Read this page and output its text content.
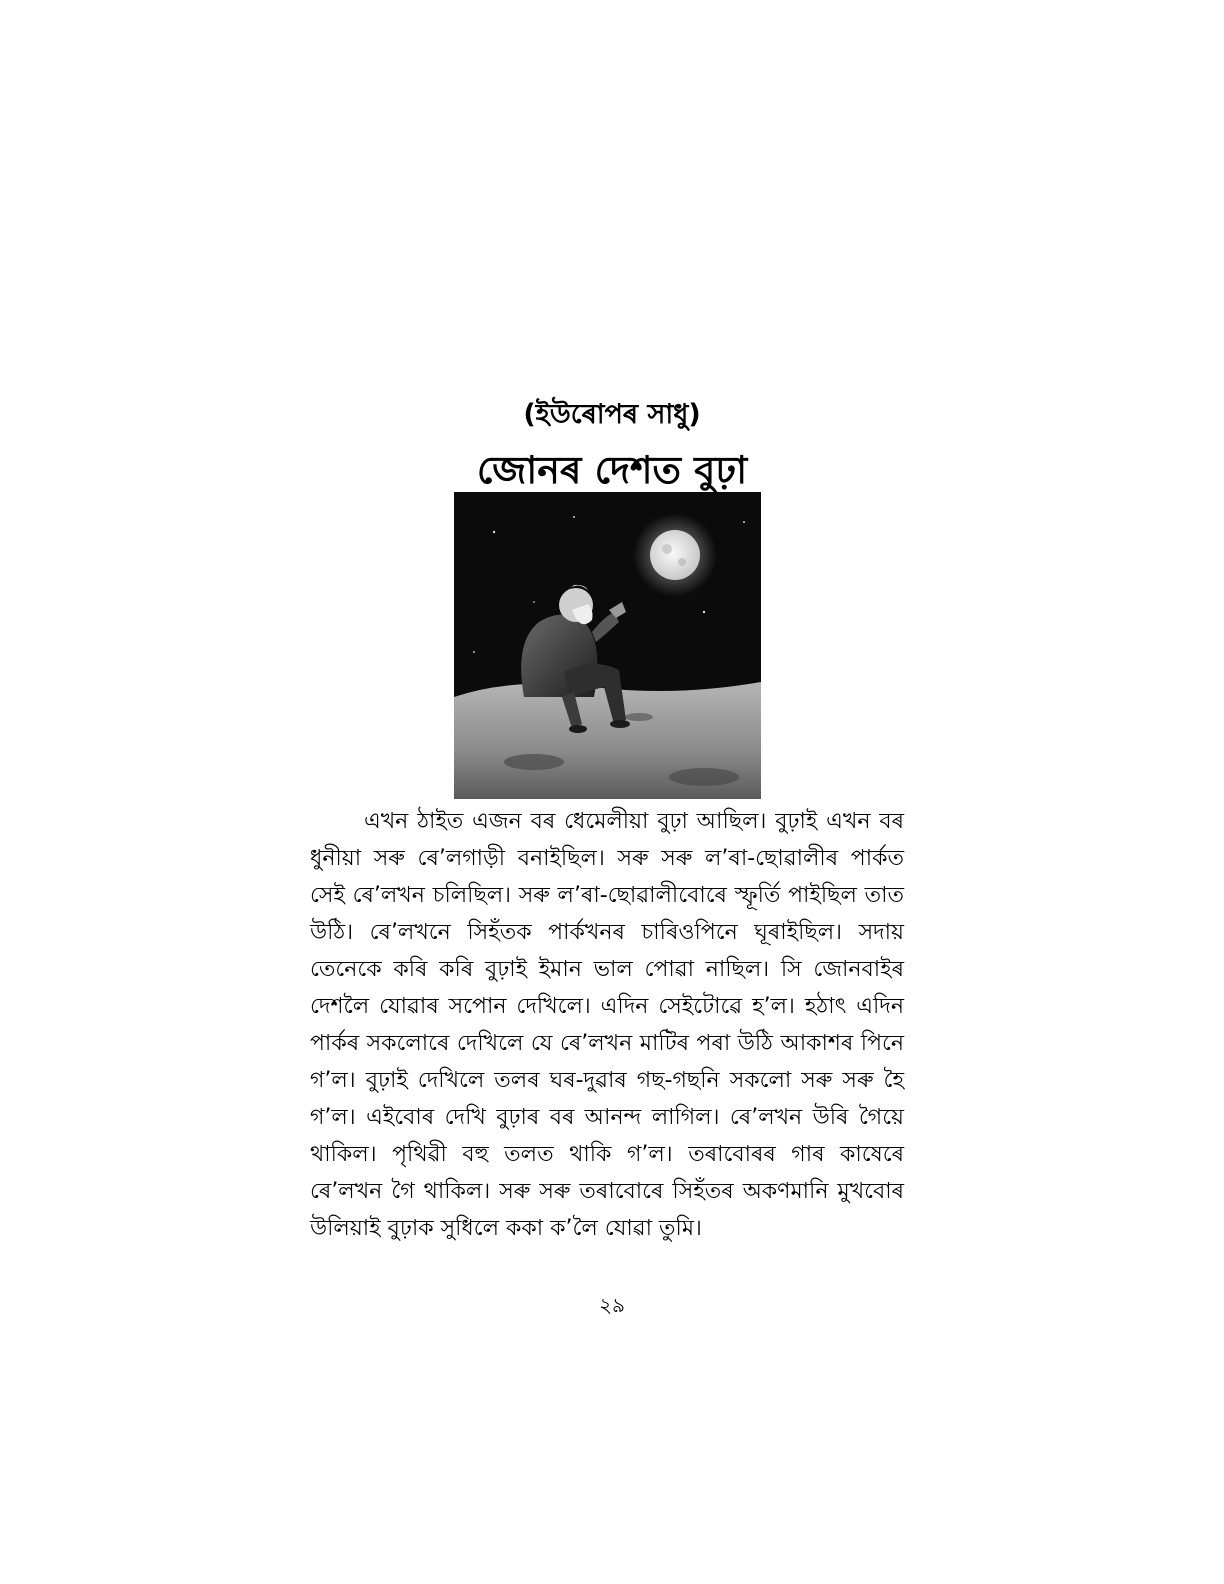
(ইউৰোপৰ সাধু)
জোনৰ দেশত বুঢ়া

এখন ঠাইত এজন বৰ ধেমেলীয়া বুঢ়া আছিল। বুঢ়াই এখন বৰ ধুনীয়া সৰু ৰে’লগাড়ী বনাইছিল। সৰু সৰু ল’ৰা-ছোৱালীৰ পাৰ্কত সেই ৰে’লখন চলিছিল। সৰু ল’ৰা-ছোৱালীবোৰে স্ফূৰ্তি পাইছিল তাত উঠি। ৰে’লখনে সিহঁতক পাৰ্কখনৰ চাৰিওপিনে ঘূৰাইছিল। সদায় তেনেকে কৰি কৰি বুঢ়াই ইমান ভাল পোৱা নাছিল। সি জোনবাইৰ দেশলৈ যোৱাৰ সপোন দেখিলে। এদিন সেইটোৱে হ’ল। হঠাৎ এদিন পাৰ্কৰ সকলোৰে দেখিলে যে ৰে’লখন মাটিৰ পৰা উঠি আকাশৰ পিনে গ’ল। বুঢ়াই দেখিলে তলৰ ঘৰ-দুৱাৰ গছ-গছনি সকলো সৰু সৰু হৈ গ’ল। এইবোৰ দেখি বুঢ়াৰ বৰ আনন্দ লাগিল। ৰে’লখন উৰি গৈয়ে থাকিল। পৃথিৱী বহু তলত থাকি গ’ল। তৰাবোৰৰ গাৰ কাষেৰে ৰে’লখন গৈ থাকিল। সৰু সৰু তৰাবোৰে সিহঁতৰ অকণমানি মুখবোৰ উলিয়াই বুঢ়াক সুধিলে ককা ক’লৈ যোৱা তুমি।

২৯
